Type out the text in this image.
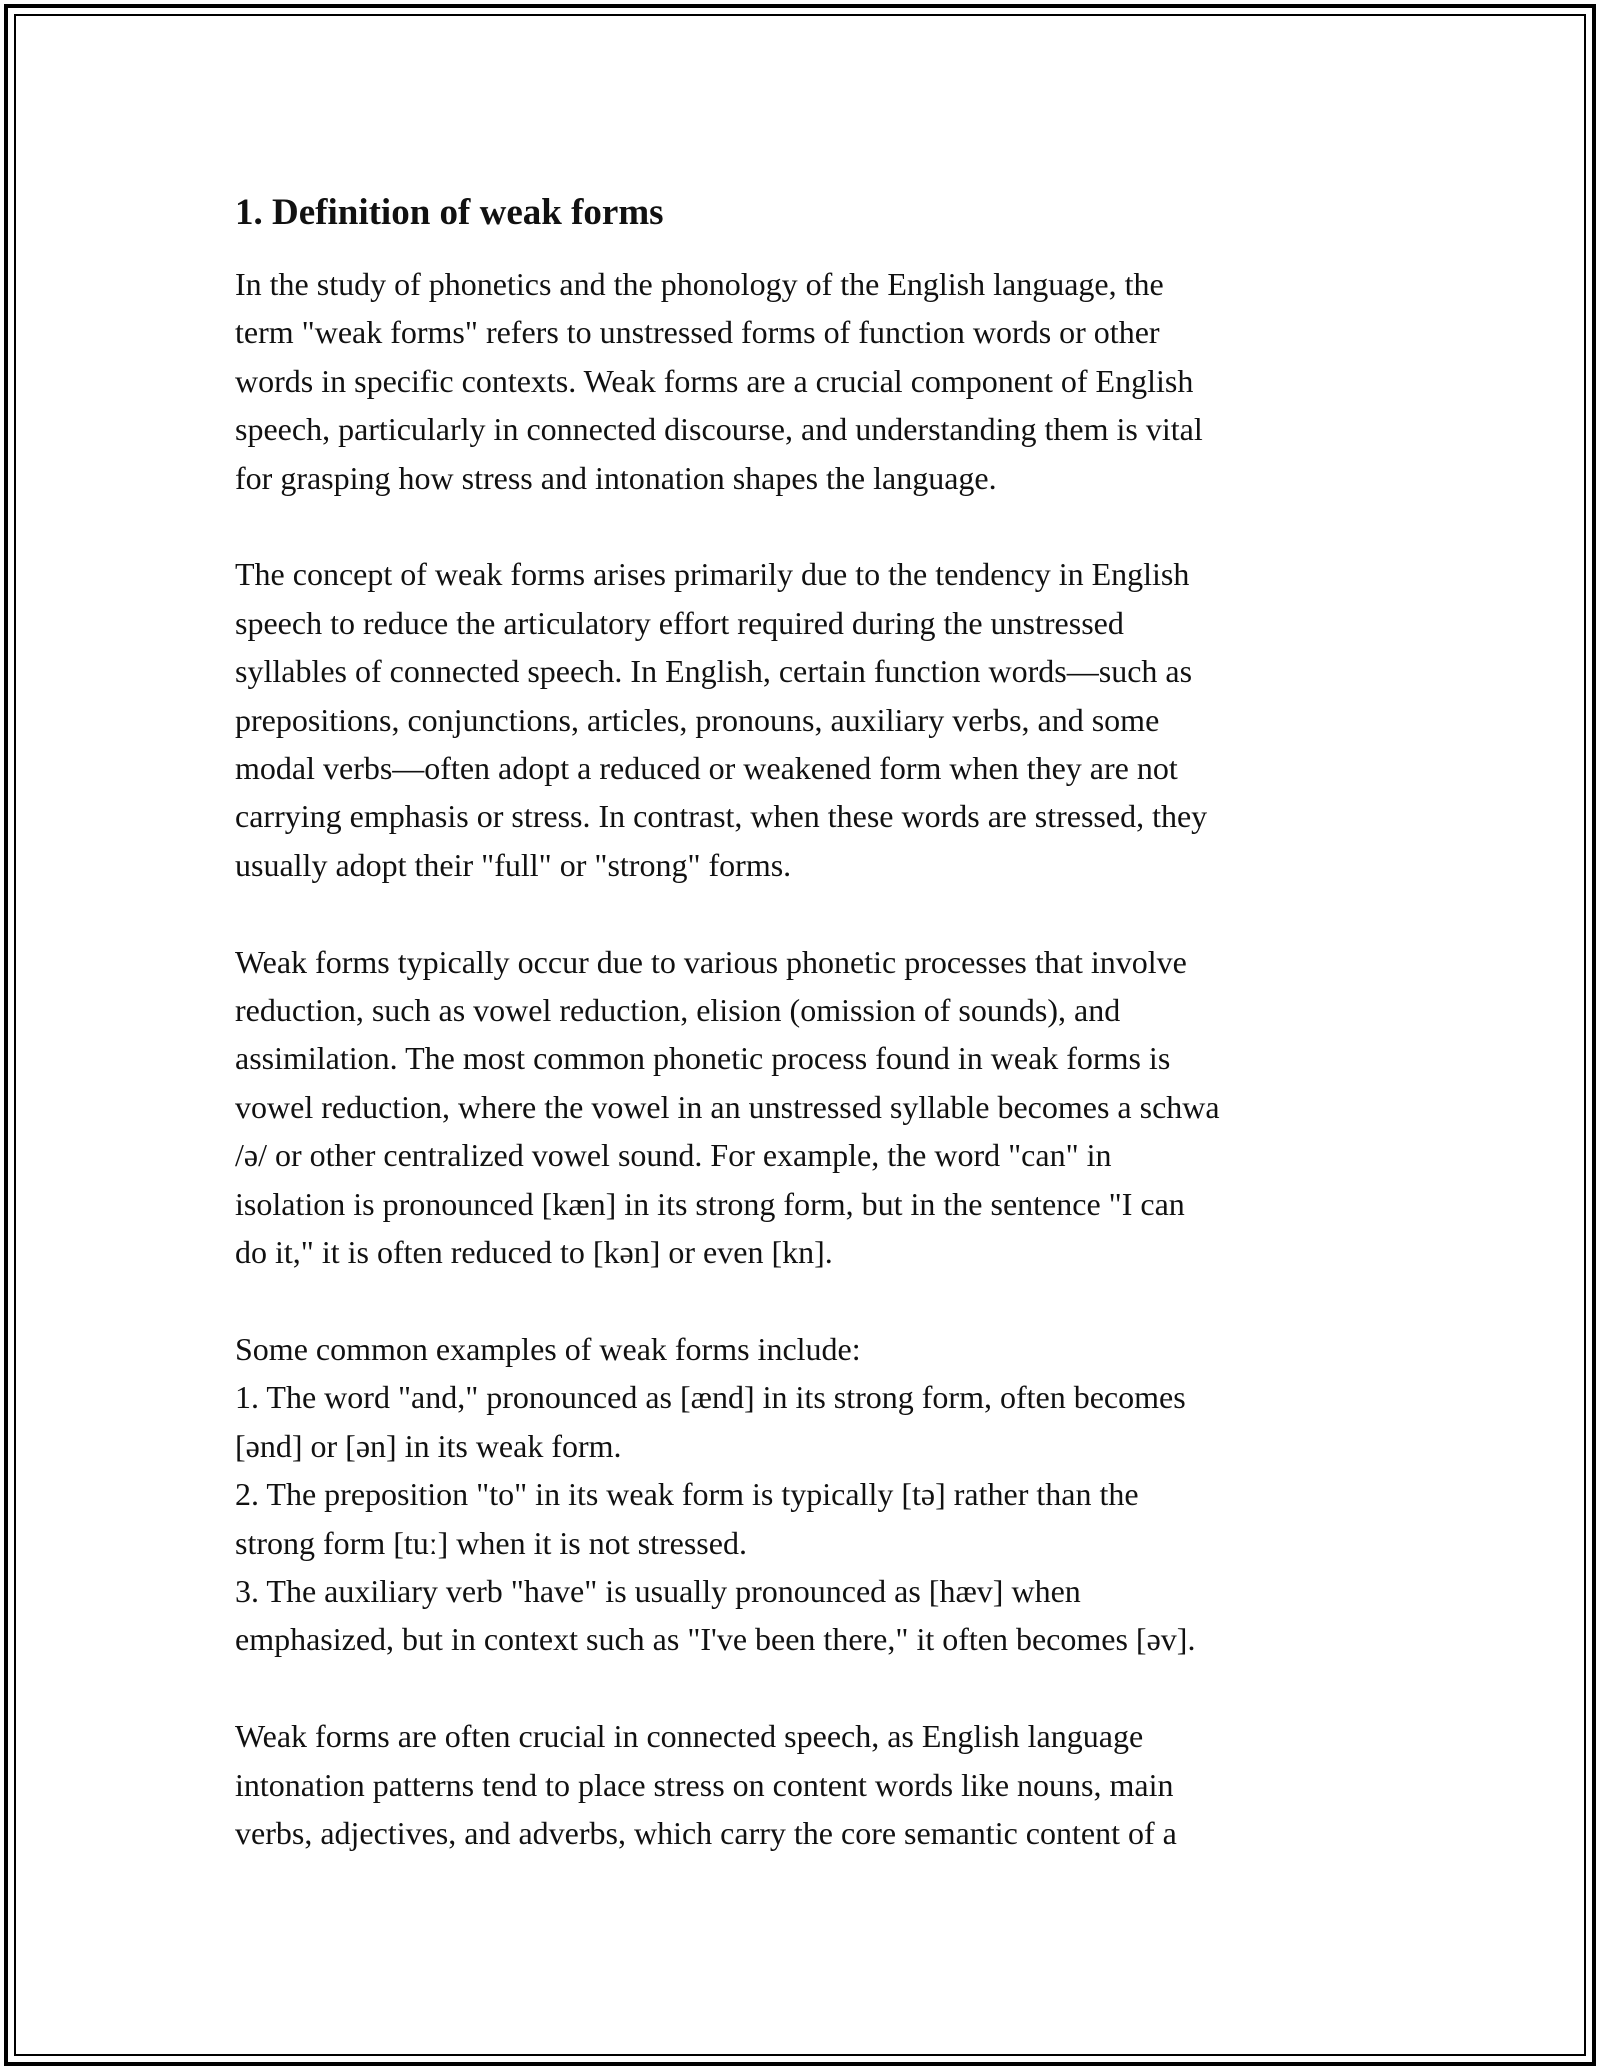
1. Definition of weak forms
In the study of phonetics and the phonology of the English language, the
term "weak forms" refers to unstressed forms of function words or other
words in specific contexts. Weak forms are a crucial component of English
speech, particularly in connected discourse, and understanding them is vital
for grasping how stress and intonation shapes the language.
The concept of weak forms arises primarily due to the tendency in English
speech to reduce the articulatory effort required during the unstressed
syllables of connected speech. In English, certain function words—such as
prepositions, conjunctions, articles, pronouns, auxiliary verbs, and some
modal verbs—often adopt a reduced or weakened form when they are not
carrying emphasis or stress. In contrast, when these words are stressed, they
usually adopt their "full" or "strong" forms.
Weak forms typically occur due to various phonetic processes that involve
reduction, such as vowel reduction, elision (omission of sounds), and
assimilation. The most common phonetic process found in weak forms is
vowel reduction, where the vowel in an unstressed syllable becomes a schwa
/ə/ or other centralized vowel sound. For example, the word "can" in
isolation is pronounced [kæn] in its strong form, but in the sentence "I can
do it," it is often reduced to [kən] or even [kn].
Some common examples of weak forms include:
1. The word "and," pronounced as [ænd] in its strong form, often becomes
[ənd] or [ən] in its weak form.
2. The preposition "to" in its weak form is typically [tə] rather than the
strong form [tuː] when it is not stressed.
3. The auxiliary verb "have" is usually pronounced as [hæv] when
emphasized, but in context such as "I've been there," it often becomes [əv].
Weak forms are often crucial in connected speech, as English language
intonation patterns tend to place stress on content words like nouns, main
verbs, adjectives, and adverbs, which carry the core semantic content of a
